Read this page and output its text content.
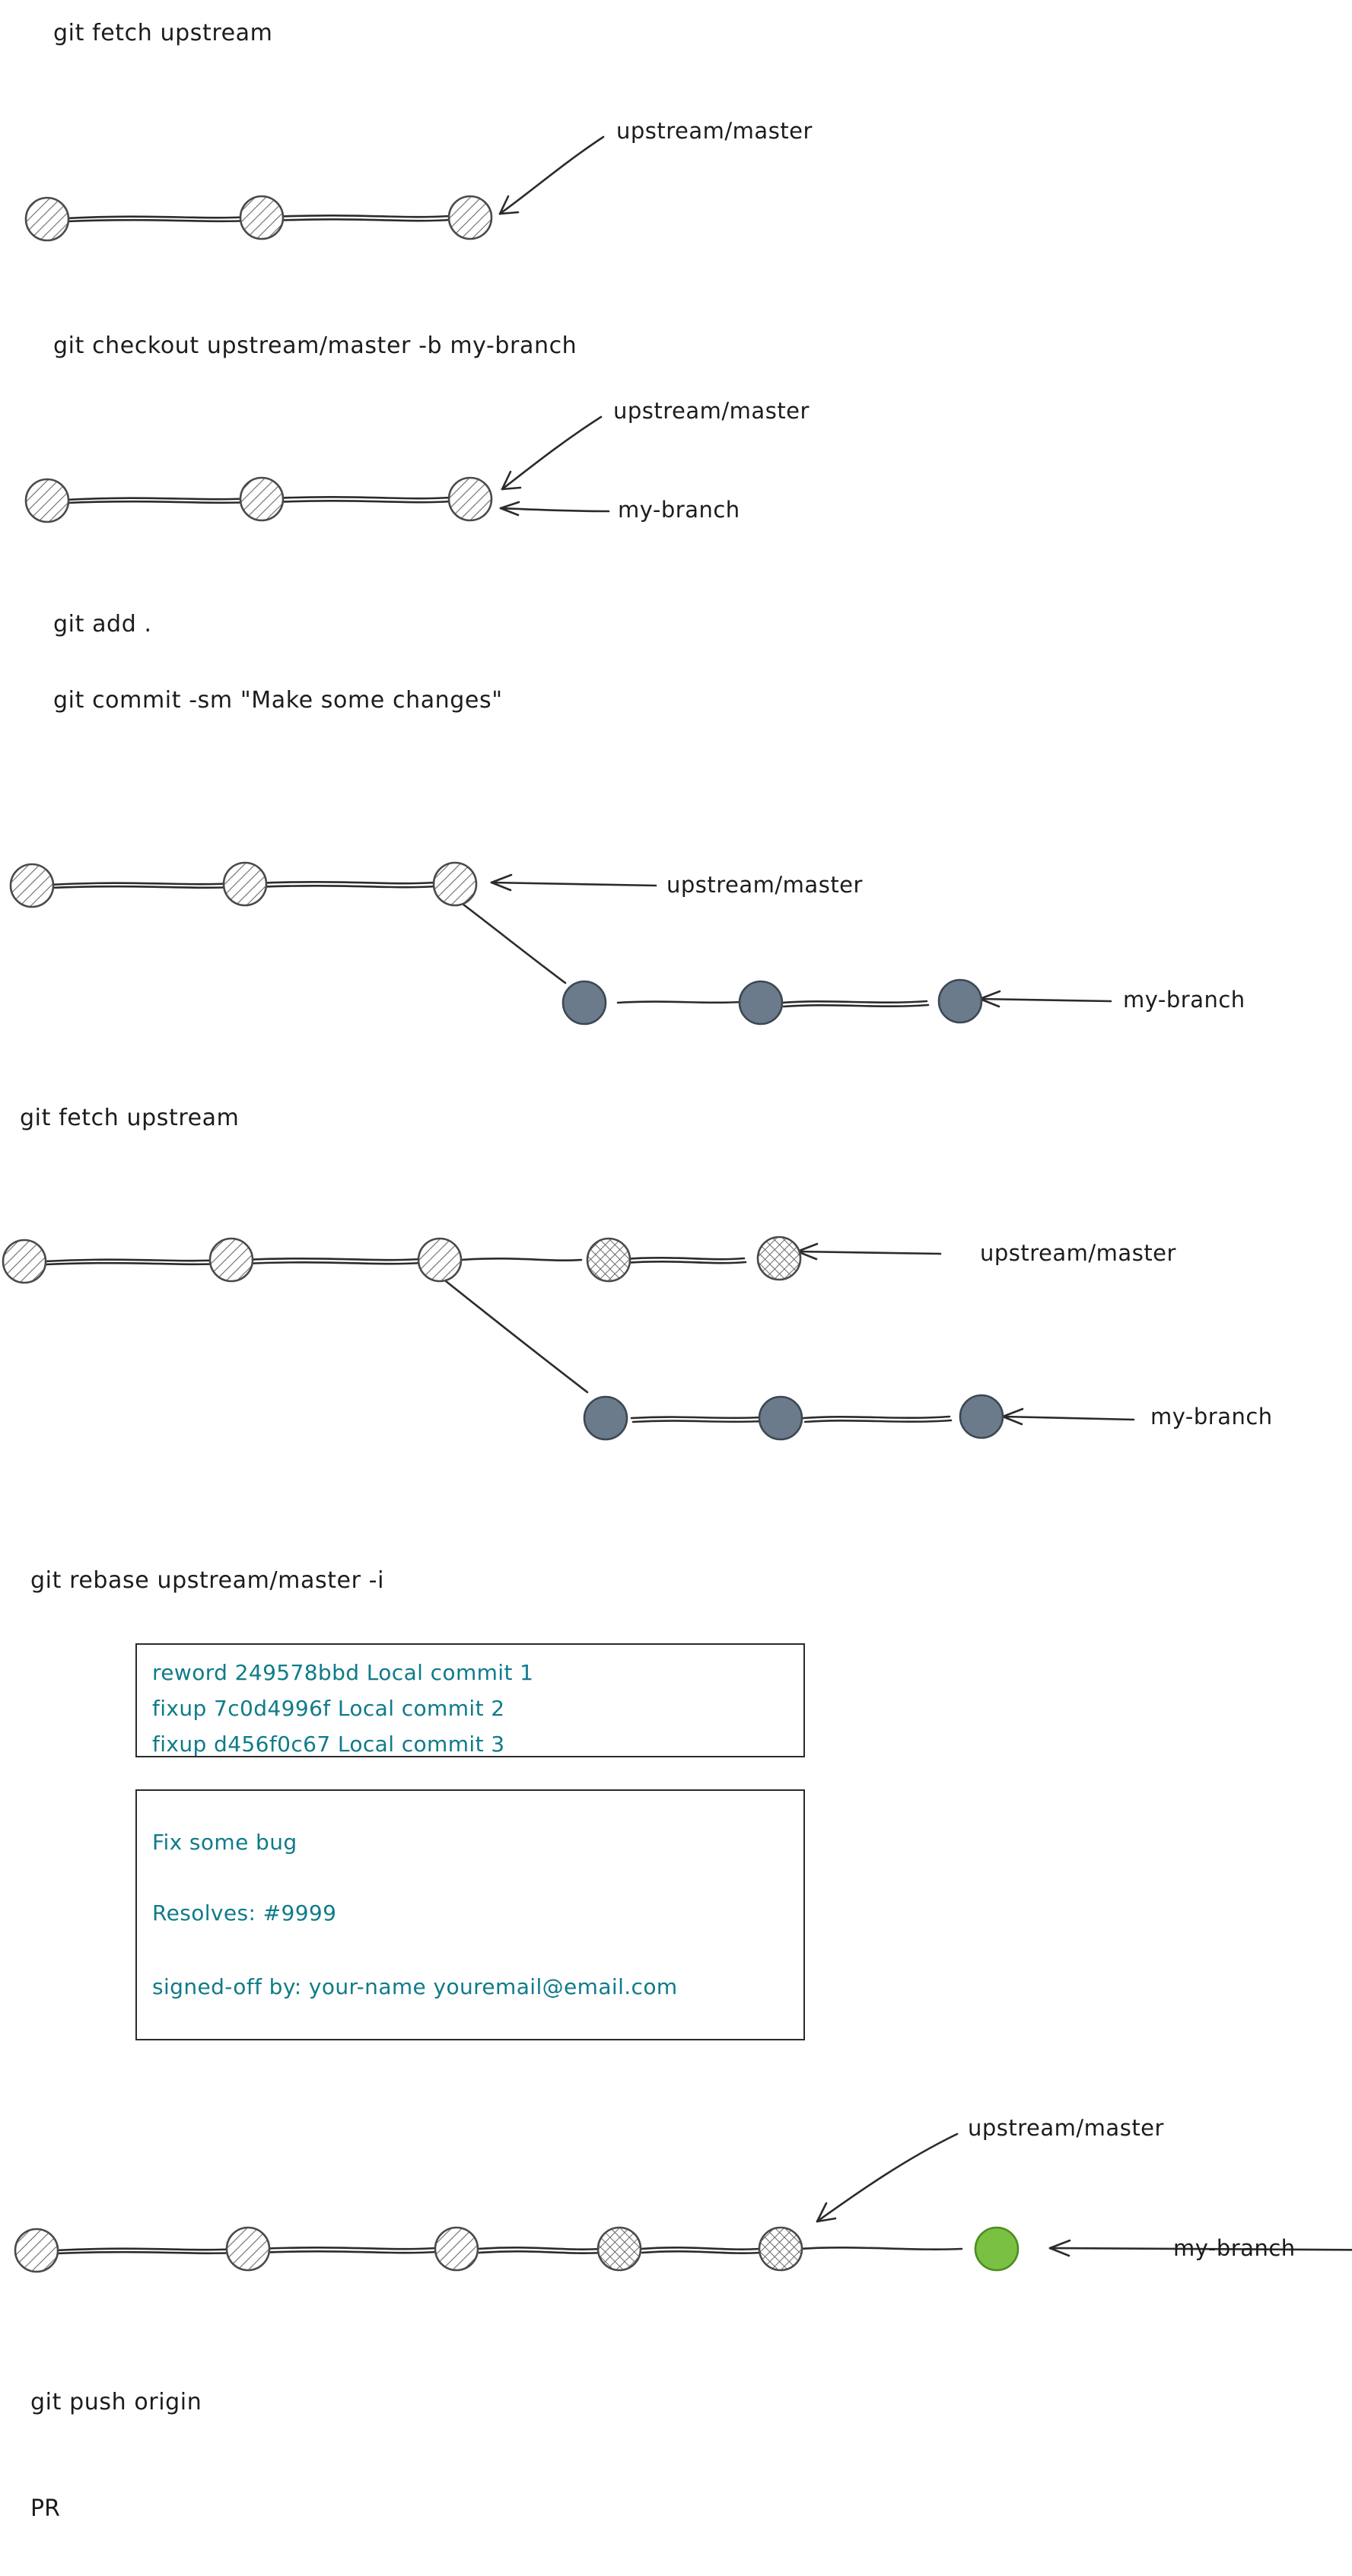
git fetch upstream
upstream/master
git checkout upstream/master -b my-branch
upstream/master
my-branch
git add .
git commit -sm "Make some changes"
upstream/master
my-branch
git fetch upstream
upstream/master
my-branch
git rebase upstream/master -i
reword 249578bbd Local commit 1
fixup 7c0d4996f Local commit 2
fixup d456f0c67 Local commit 3
Fix some bug
Resolves: #9999
signed-off by: your-name youremail@email.com
upstream/master
my-branch
git push origin
PR
